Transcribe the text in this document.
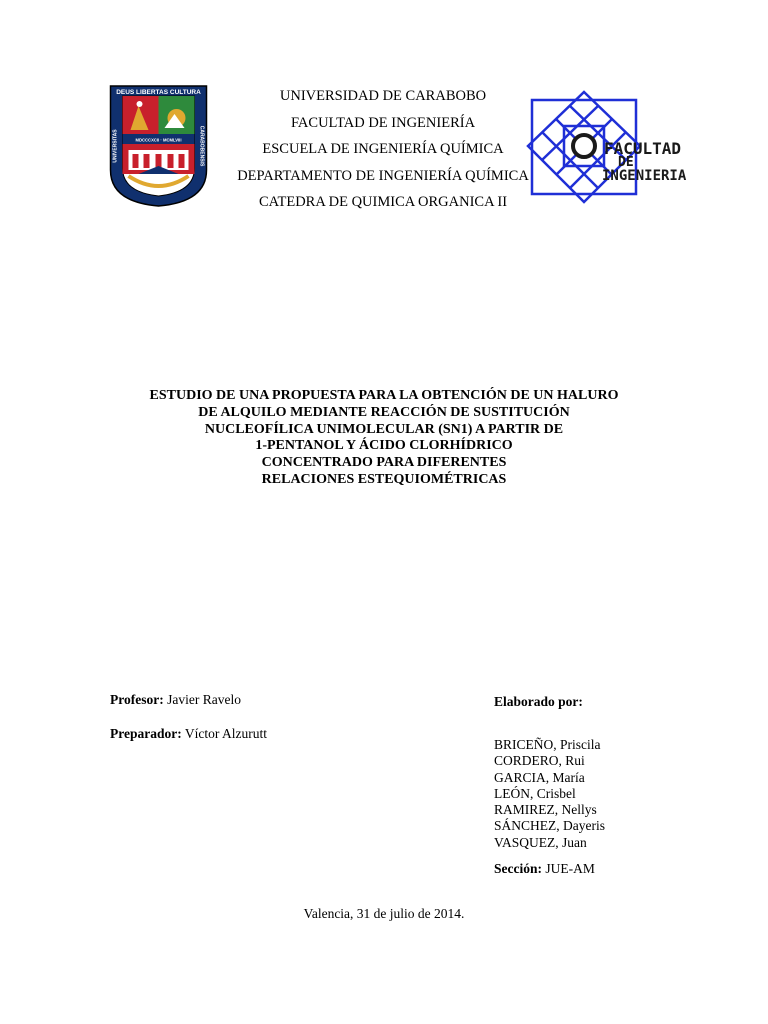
DEUS LIBERTAS CULTURA
MDCCCXCII · MCMLVIII
UNIVERSITAS	CARABOBENSIS
UNIVERSIDAD DE CARABOBO
FACULTAD DE INGENIERÍA
ESCUELA DE INGENIERÍA QUÍMICA
DEPARTAMENTO DE INGENIERÍA QUÍMICA
CATEDRA DE QUIMICA ORGANICA II
FACULTAD
DE
INGENIERIA
ESTUDIO DE UNA PROPUESTA PARA LA OBTENCIÓN DE UN HALURO
DE ALQUILO MEDIANTE REACCIÓN DE SUSTITUCIÓN
NUCLEOFÍLICA UNIMOLECULAR (SN1) A PARTIR DE
1-PENTANOL Y ÁCIDO CLORHÍDRICO
CONCENTRADO PARA DIFERENTES
RELACIONES ESTEQUIOMÉTRICAS
Profesor: Javier Ravelo
Preparador: Víctor Alzurutt
Elaborado por:
BRICEÑO, Priscila
CORDERO, Rui
GARCIA, María
LEÓN, Crisbel
RAMIREZ, Nellys
SÁNCHEZ, Dayeris
VASQUEZ, Juan
Sección: JUE-AM
Valencia, 31 de julio de 2014.
